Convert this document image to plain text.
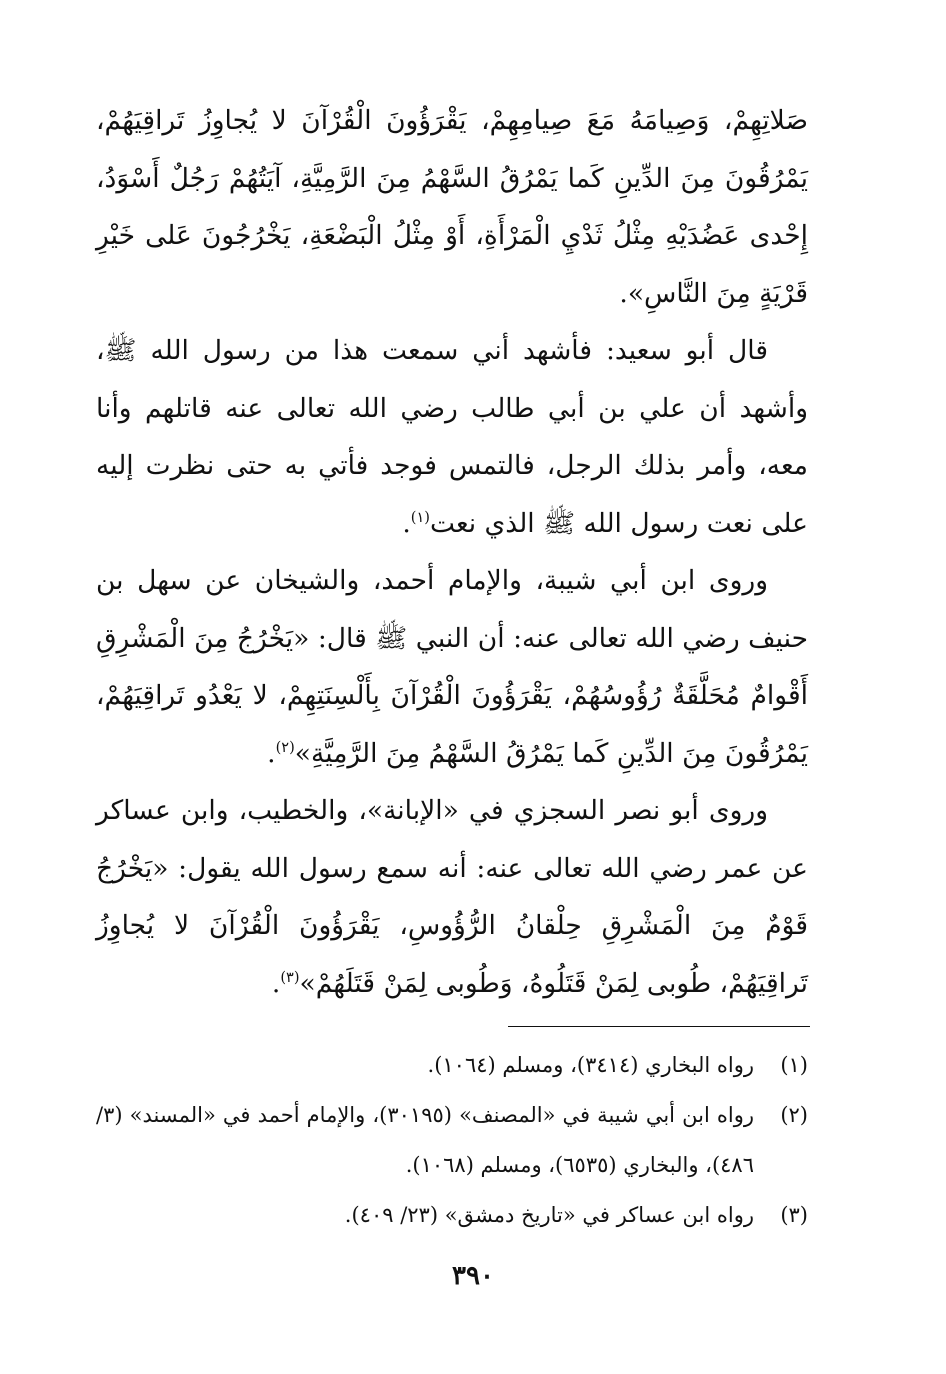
صَلاتِهِمْ، وَصِيامَهُ مَعَ صِيامِهِمْ، يَقْرَؤُونَ الْقُرْآنَ لا يُجاوِزُ تَراقِيَهُمْ، يَمْرُقُونَ مِنَ الدِّينِ كَما يَمْرُقُ السَّهْمُ مِنَ الرَّمِيَّةِ، آيَتُهُمْ رَجُلٌ أَسْوَدُ، إِحْدى عَضُدَيْهِ مِثْلُ ثَدْيِ الْمَرْأَةِ، أَوْ مِثْلُ الْبَضْعَةِ، يَخْرُجُونَ عَلى خَيْرِ قَرْيَةٍ مِنَ النَّاسِ».

قال أبو سعيد: فأشهد أني سمعت هذا من رسول الله ﷺ، وأشهد أن علي بن أبي طالب رضي الله تعالى عنه قاتلهم وأنا معه، وأمر بذلك الرجل، فالتمس فوجد فأتي به حتى نظرت إليه على نعت رسول الله ﷺ الذي نعت$^{(١)}$.

وروى ابن أبي شيبة، والإمام أحمد، والشيخان عن سهل بن حنيف رضي الله تعالى عنه: أن النبي ﷺ قال: «يَخْرُجُ مِنَ الْمَشْرِقِ أَقْوامٌ مُحَلَّقَةٌ رُؤُوسُهُمْ، يَقْرَؤُونَ الْقُرْآنَ بِأَلْسِنَتِهِمْ، لا يَعْدُو تَراقِيَهُمْ، يَمْرُقُونَ مِنَ الدِّينِ كَما يَمْرُقُ السَّهْمُ مِنَ الرَّمِيَّةِ»$^{(٢)}$.

وروى أبو نصر السجزي في «الإبانة»، والخطيب، وابن عساكر عن عمر رضي الله تعالى عنه: أنه سمع رسول الله يقول: «يَخْرُجُ قَوْمٌ مِنَ الْمَشْرِقِ حِلْقانُ الرُّؤُوسِ، يَقْرَؤُونَ الْقُرْآنَ لا يُجاوِزُ تَراقِيَهُمْ، طُوبى لِمَنْ قَتَلُوهُ، وَطُوبى لِمَنْ قَتَلَهُمْ»$^{(٣)}$.

(١)
رواه البخاري (٣٤١٤)، ومسلم (١٠٦٤).
(٢)
رواه ابن أبي شيبة في «المصنف» (٣٠١٩٥)، والإمام أحمد في «المسند» (٣/ ٤٨٦)، والبخاري (٦٥٣٥)، ومسلم (١٠٦٨).
(٣)
رواه ابن عساكر في «تاريخ دمشق» (٢٣/ ٤٠٩).
٣٩٠
